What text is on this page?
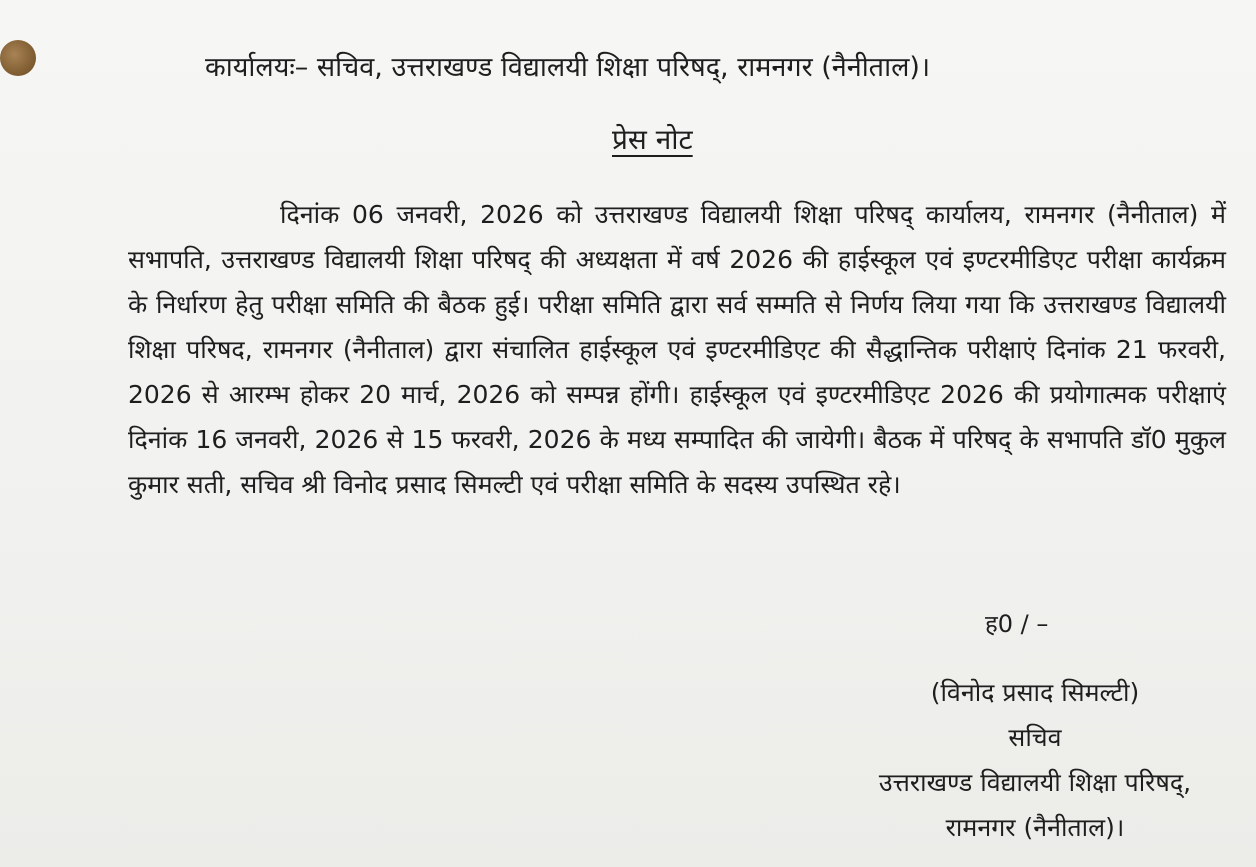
कार्यालयः– सचिव, उत्तराखण्ड विद्यालयी शिक्षा परिषद्, रामनगर (नैनीताल)।
प्रेस नोट

दिनांक 06 जनवरी, 2026 को उत्तराखण्ड विद्यालयी शिक्षा परिषद् कार्यालय, रामनगर (नैनीताल) में सभापति, उत्तराखण्ड विद्यालयी शिक्षा परिषद् की अध्यक्षता में वर्ष 2026 की हाईस्कूल एवं इण्टरमीडिएट परीक्षा कार्यक्रम के निर्धारण हेतु परीक्षा समिति की बैठक हुई। परीक्षा समिति द्वारा सर्व सम्मति से निर्णय लिया गया कि उत्तराखण्ड विद्यालयी शिक्षा परिषद, रामनगर (नैनीताल) द्वारा संचालित हाईस्कूल एवं इण्टरमीडिएट की सैद्धान्तिक परीक्षाएं दिनांक 21 फरवरी, 2026 से आरम्भ होकर 20 मार्च, 2026 को सम्पन्न होंगी। हाईस्कूल एवं इण्टरमीडिएट 2026 की प्रयोगात्मक परीक्षाएं दिनांक 16 जनवरी, 2026 से 15 फरवरी, 2026 के मध्य सम्पादित की जायेगी। बैठक में परिषद् के सभापति डॉ0 मुकुल कुमार सती, सचिव श्री विनोद प्रसाद सिमल्टी एवं परीक्षा समिति के सदस्य उपस्थित रहे।

ह0 / –
(विनोद प्रसाद सिमल्टी)
सचिव
उत्तराखण्ड विद्यालयी शिक्षा परिषद्,
रामनगर (नैनीताल)।
